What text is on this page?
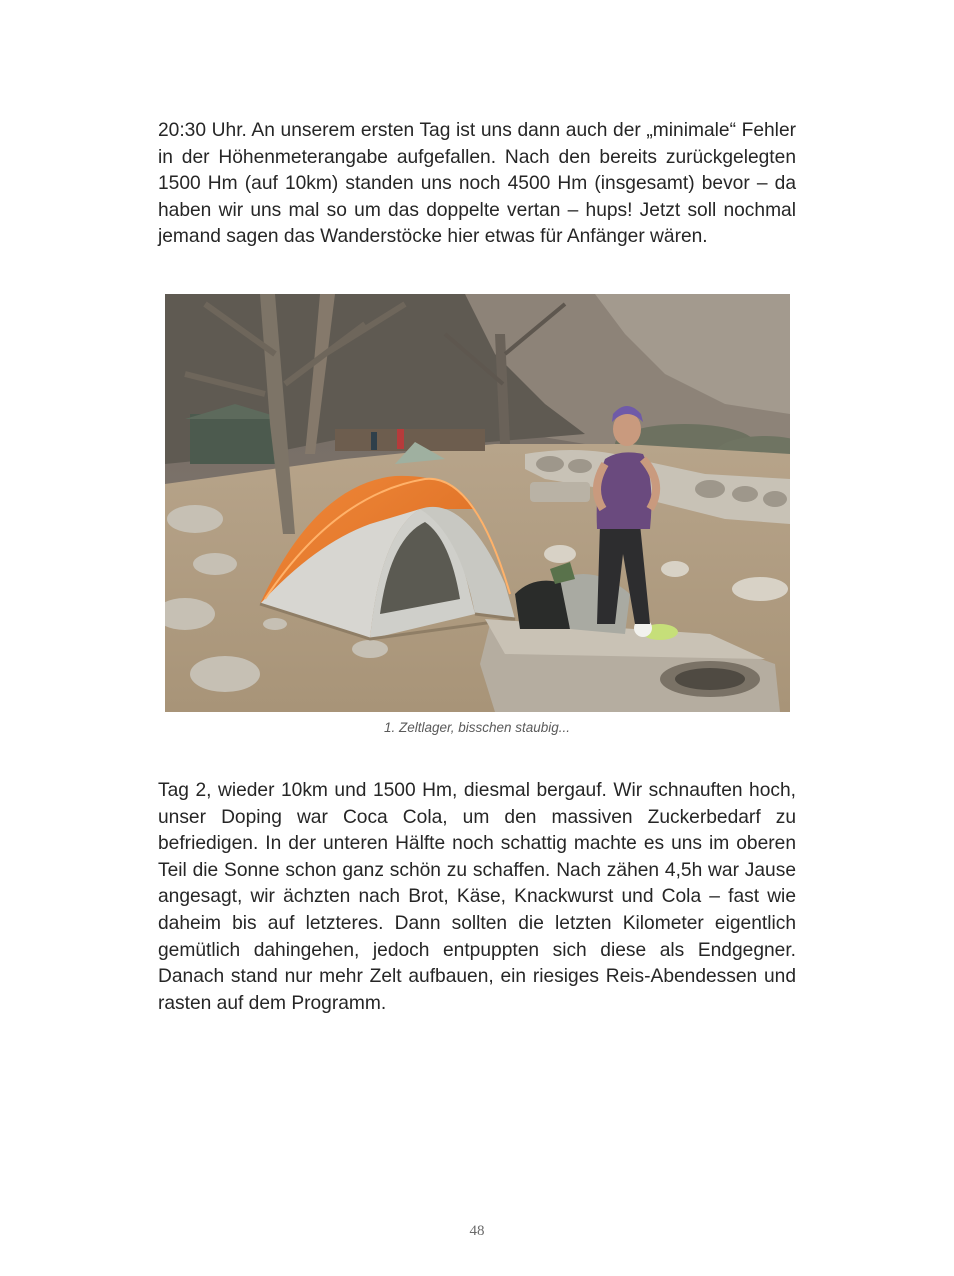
20:30 Uhr. An unserem ersten Tag ist uns dann auch der „minimale“ Fehler in der Höhenmeterangabe aufgefallen. Nach den bereits zurückgelegten 1500 Hm (auf 10km) standen uns noch 4500 Hm (insgesamt) bevor – da haben wir uns mal so um das doppelte vertan – hups! Jetzt soll nochmal jemand sagen das Wanderstöcke hier etwas für Anfänger wären.

1. Zeltlager, bisschen staubig...

Tag 2, wieder 10km und 1500 Hm, diesmal bergauf. Wir schnauften hoch, unser Doping war Coca Cola, um den massiven Zuckerbedarf zu befriedigen. In der unteren Hälfte noch schattig machte es uns im oberen Teil die Sonne schon ganz schön zu schaffen. Nach zähen 4,5h war Jause angesagt, wir ächzten nach Brot, Käse, Knackwurst und Cola – fast wie daheim bis auf letzteres. Dann sollten die letzten Kilometer eigentlich gemütlich dahingehen, jedoch entpuppten sich diese als Endgegner. Danach stand nur mehr Zelt aufbauen, ein riesiges Reis-Abendessen und rasten auf dem Programm.

48
